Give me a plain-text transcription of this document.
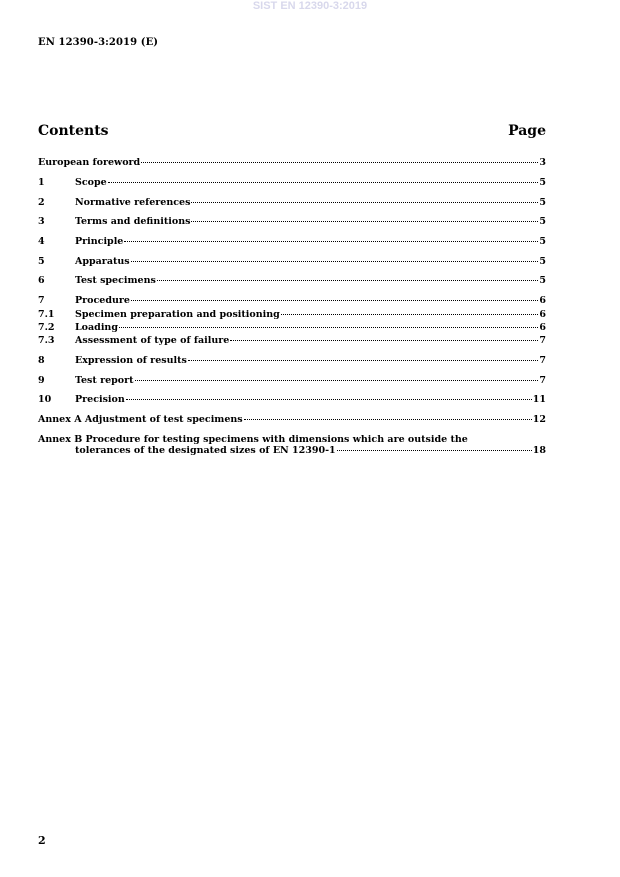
SIST EN 12390-3:2019
EN 12390-3:2019 (E)
Contents	Page
European foreword	3
1	Scope	5
2	Normative references	5
3	Terms and definitions	5
4	Principle	5
5	Apparatus	5
6	Test specimens	5
7	Procedure	6
7.1	Specimen preparation and positioning	6
7.2	Loading	6
7.3	Assessment of type of failure	7
8	Expression of results	7
9	Test report	7
10	Precision	11
Annex A Adjustment of test specimens	12
Annex B Procedure for testing specimens with dimensions which are outside the
tolerances of the designated sizes of EN 12390-1	18
2
